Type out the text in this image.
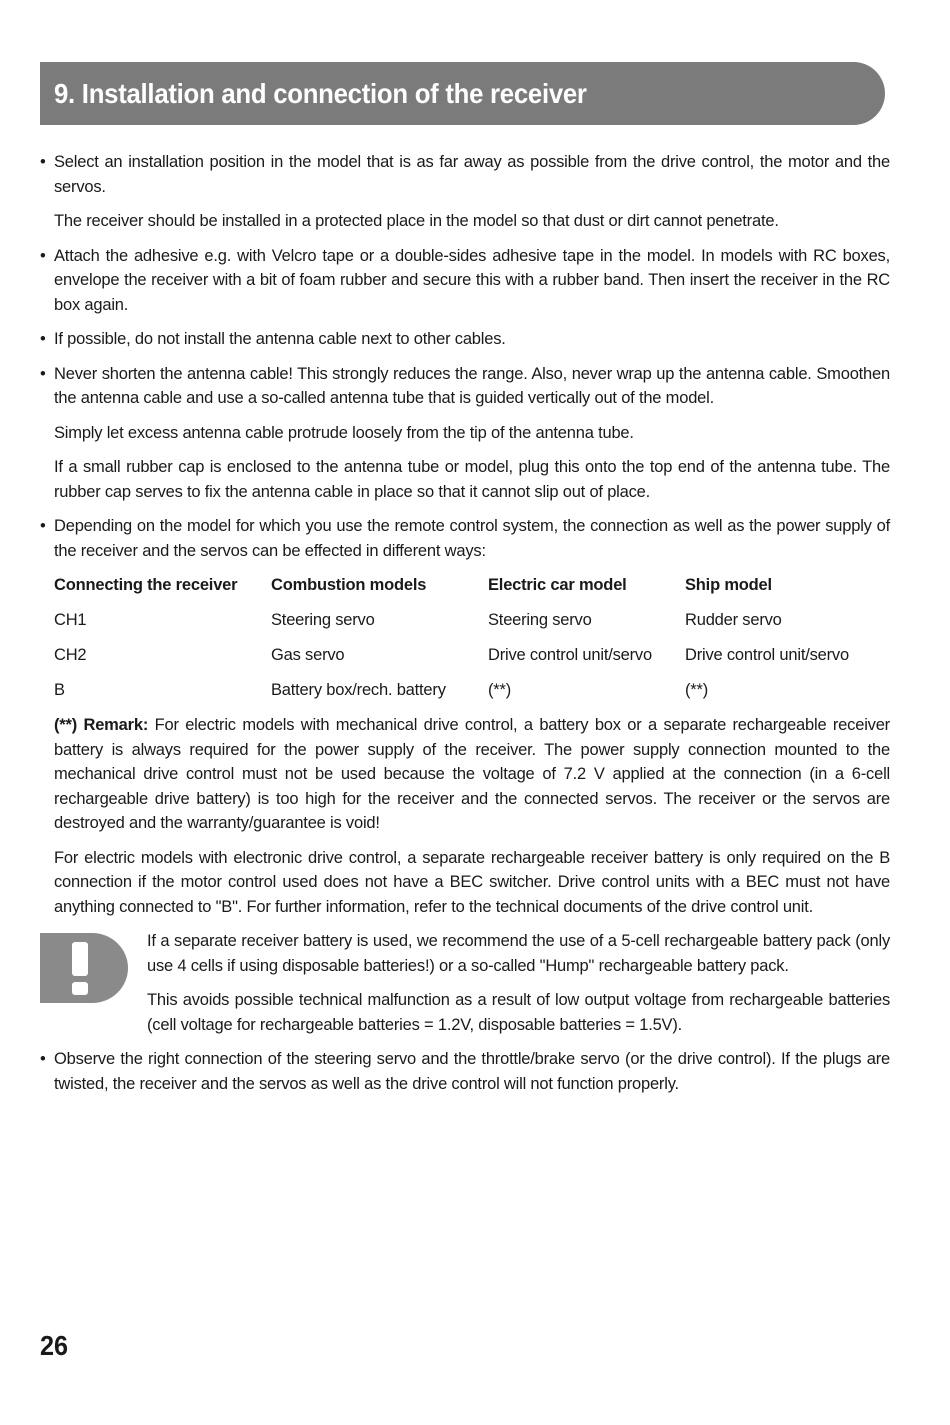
9. Installation and connection of the receiver

• Select an installation position in the model that is as far away as possible from the drive control, the motor and the servos.

The receiver should be installed in a protected place in the model so that dust or dirt cannot penetrate.

• Attach the adhesive e.g. with Velcro tape or a double-sides adhesive tape in the model. In models with RC boxes, envelope the receiver with a bit of foam rubber and secure this with a rubber band. Then insert the receiver in the RC box again.

• If possible, do not install the antenna cable next to other cables.

• Never shorten the antenna cable! This strongly reduces the range. Also, never wrap up the antenna cable. Smoothen the antenna cable and use a so-called antenna tube that is guided vertically out of the model.

Simply let excess antenna cable protrude loosely from the tip of the antenna tube.

If a small rubber cap is enclosed to the antenna tube or model, plug this onto the top end of the antenna tube. The rubber cap serves to fix the antenna cable in place so that it cannot slip out of place.

• Depending on the model for which you use the remote control system, the connection as well as the power supply of the receiver and the servos can be effected in different ways:

Connecting the receiver	Combustion models	Electric car model	Ship model
CH1	Steering servo	Steering servo	Rudder servo
CH2	Gas servo	Drive control unit/servo	Drive control unit/servo
B	Battery box/rech. battery	(**)	(**)

(**) Remark: For electric models with mechanical drive control, a battery box or a separate rechargeable receiver battery is always required for the power supply of the receiver. The power supply connection mounted to the mechanical drive control must not be used because the voltage of 7.2 V applied at the connection (in a 6-cell rechargeable drive battery) is too high for the receiver and the connected servos. The receiver or the servos are destroyed and the warranty/guarantee is void!

For electric models with electronic drive control, a separate rechargeable receiver battery is only required on the B connection if the motor control used does not have a BEC switcher. Drive control units with a BEC must not have anything connected to "B". For further information, refer to the technical documents of the drive control unit.

If a separate receiver battery is used, we recommend the use of a 5-cell rechargeable battery pack (only use 4 cells if using disposable batteries!) or a so-called "Hump" rechargeable battery pack.

This avoids possible technical malfunction as a result of low output voltage from rechargeable batteries (cell voltage for rechargeable batteries = 1.2V, disposable batteries = 1.5V).

• Observe the right connection of the steering servo and the throttle/brake servo (or the drive control). If the plugs are twisted, the receiver and the servos as well as the drive control will not function properly.

26
